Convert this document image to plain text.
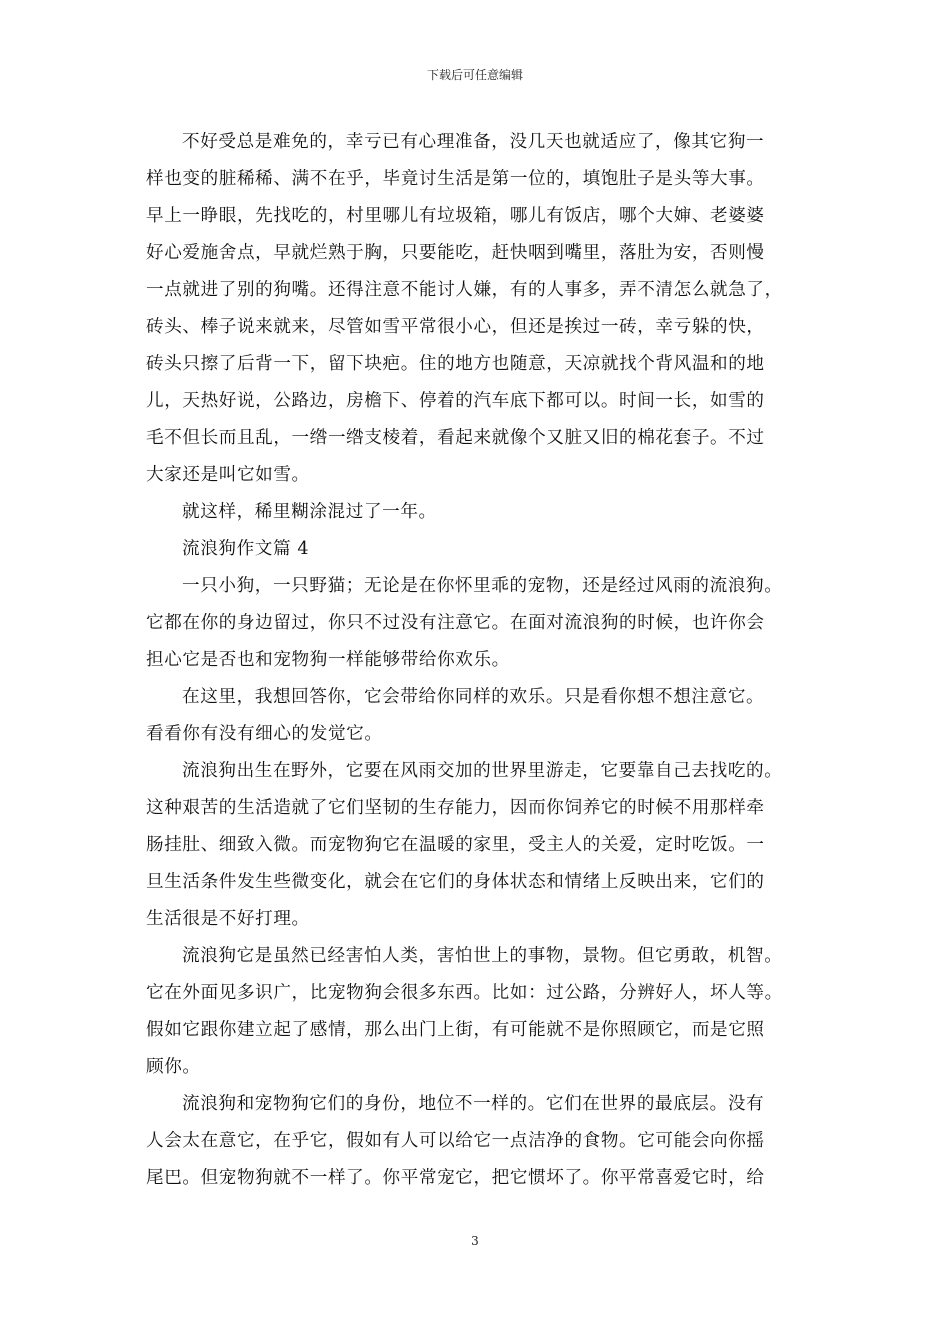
下载后可任意编辑
不好受总是难免的，幸亏已有心理准备，没几天也就适应了，像其它狗一
样也变的脏稀稀、满不在乎，毕竟讨生活是第一位的，填饱肚子是头等大事。
早上一睁眼，先找吃的，村里哪儿有垃圾箱，哪儿有饭店，哪个大婶、老婆婆
好心爱施舍点，早就烂熟于胸，只要能吃，赶快咽到嘴里，落肚为安，否则慢
一点就进了别的狗嘴。还得注意不能讨人嫌，有的人事多，弄不清怎么就急了，
砖头、棒子说来就来，尽管如雪平常很小心，但还是挨过一砖，幸亏躲的快，
砖头只擦了后背一下，留下块疤。住的地方也随意，天凉就找个背风温和的地
儿，天热好说，公路边，房檐下、停着的汽车底下都可以。时间一长，如雪的
毛不但长而且乱，一绺一绺支棱着，看起来就像个又脏又旧的棉花套子。不过
大家还是叫它如雪。
就这样，稀里糊涂混过了一年。
流浪狗作文篇 4
一只小狗，一只野猫；无论是在你怀里乖的宠物，还是经过风雨的流浪狗。
它都在你的身边留过，你只不过没有注意它。在面对流浪狗的时候，也许你会
担心它是否也和宠物狗一样能够带给你欢乐。
在这里，我想回答你，它会带给你同样的欢乐。只是看你想不想注意它。
看看你有没有细心的发觉它。
流浪狗出生在野外，它要在风雨交加的世界里游走，它要靠自己去找吃的。
这种艰苦的生活造就了它们坚韧的生存能力，因而你饲养它的时候不用那样牵
肠挂肚、细致入微。而宠物狗它在温暖的家里，受主人的关爱，定时吃饭。一
旦生活条件发生些微变化，就会在它们的身体状态和情绪上反映出来，它们的
生活很是不好打理。
流浪狗它是虽然已经害怕人类，害怕世上的事物，景物。但它勇敢，机智。
它在外面见多识广，比宠物狗会很多东西。比如：过公路，分辨好人，坏人等。
假如它跟你建立起了感情，那么出门上街，有可能就不是你照顾它，而是它照
顾你。
流浪狗和宠物狗它们的身份，地位不一样的。它们在世界的最底层。没有
人会太在意它，在乎它，假如有人可以给它一点洁净的食物。它可能会向你摇
尾巴。但宠物狗就不一样了。你平常宠它，把它惯坏了。你平常喜爱它时，给
3
